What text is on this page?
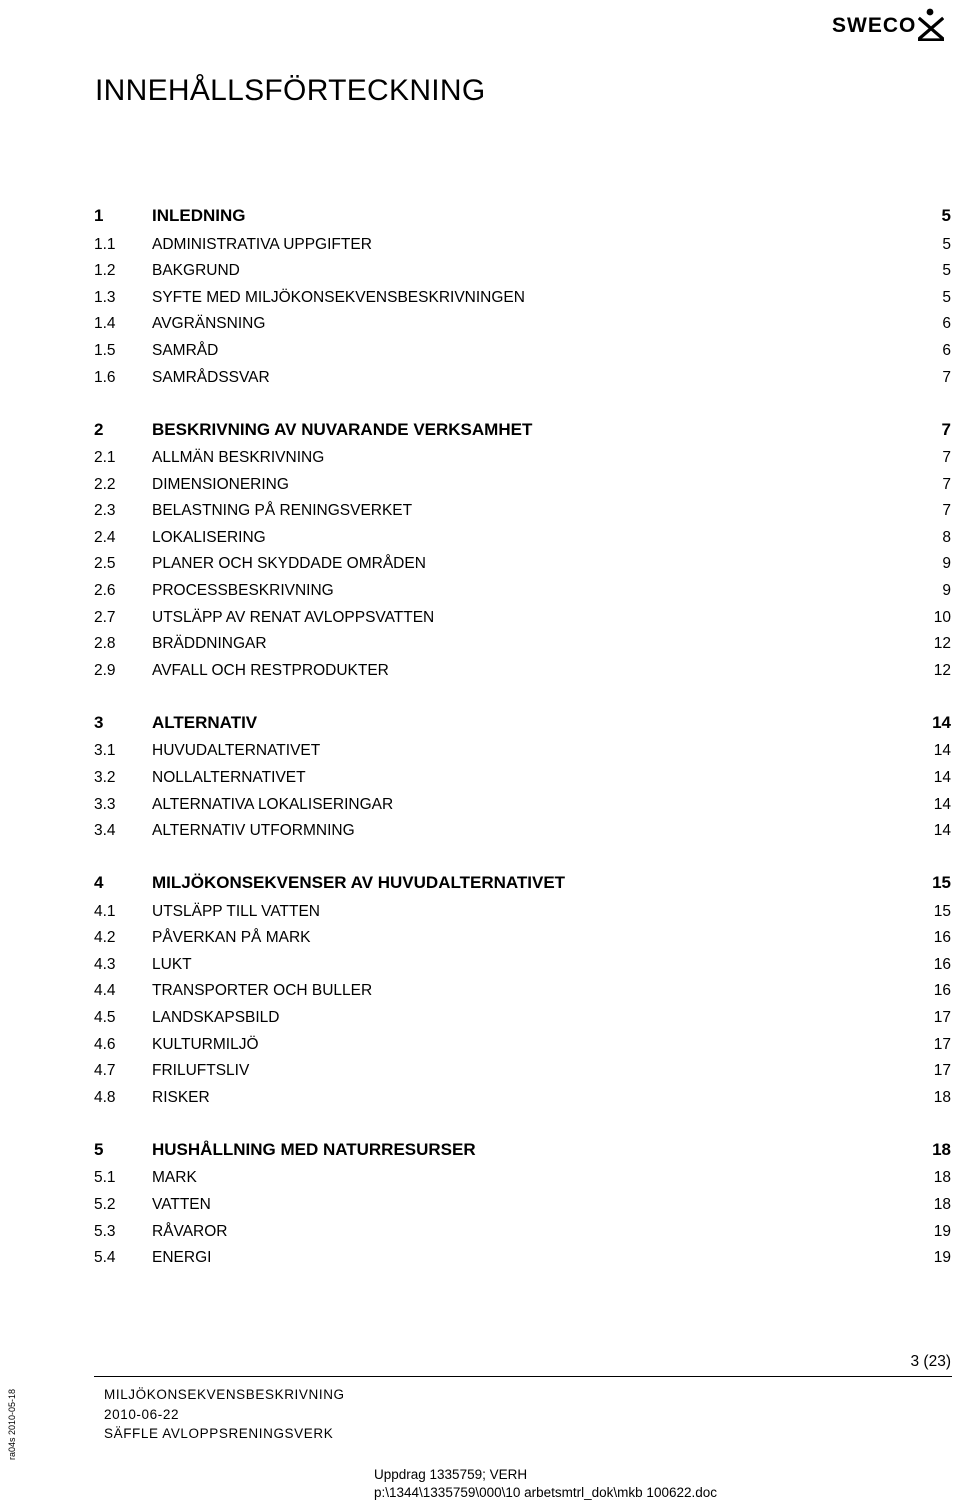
SWECO
INNEHÅLLSFÖRTECKNING
1	INLEDNING	5
1.1 ADMINISTRATIVA UPPGIFTER	5
1.2 BAKGRUND	5
1.3 SYFTE MED MILJÖKONSEKVENSBESKRIVNINGEN	5
1.4 AVGRÄNSNING	6
1.5 SAMRÅD	6
1.6 SAMRÅDSSVAR	7
2	BESKRIVNING AV NUVARANDE VERKSAMHET	7
2.1 ALLMÄN BESKRIVNING	7
2.2 DIMENSIONERING	7
2.3 BELASTNING PÅ RENINGSVERKET	7
2.4 LOKALISERING	8
2.5 PLANER OCH SKYDDADE OMRÅDEN	9
2.6 PROCESSBESKRIVNING	9
2.7 UTSLÄPP AV RENAT AVLOPPSVATTEN	10
2.8 BRÄDDNINGAR	12
2.9 AVFALL OCH RESTPRODUKTER	12
3	ALTERNATIV	14
3.1 HUVUDALTERNATIVET	14
3.2 NOLLALTERNATIVET	14
3.3 ALTERNATIVA LOKALISERINGAR	14
3.4 ALTERNATIV UTFORMNING	14
4	MILJÖKONSEKVENSER AV HUVUDALTERNATIVET	15
4.1 UTSLÄPP TILL VATTEN	15
4.2 PÅVERKAN PÅ MARK	16
4.3 LUKT	16
4.4 TRANSPORTER OCH BULLER	16
4.5 LANDSKAPSBILD	17
4.6 KULTURMILJÖ	17
4.7 FRILUFTSLIV	17
4.8 RISKER	18
5	HUSHÅLLNING MED NATURRESURSER	18
5.1 MARK	18
5.2 VATTEN	18
5.3 RÅVAROR	19
5.4 ENERGI	19
3 (23)
MILJÖKONSEKVENSBESKRIVNING
2010-06-22
SÄFFLE AVLOPPSRENINGSVERK
Uppdrag 1335759; VERH
p:\1344\1335759\000\10 arbetsmtrl_dok\mkb 100622.doc
ra04s 2010-05-18
